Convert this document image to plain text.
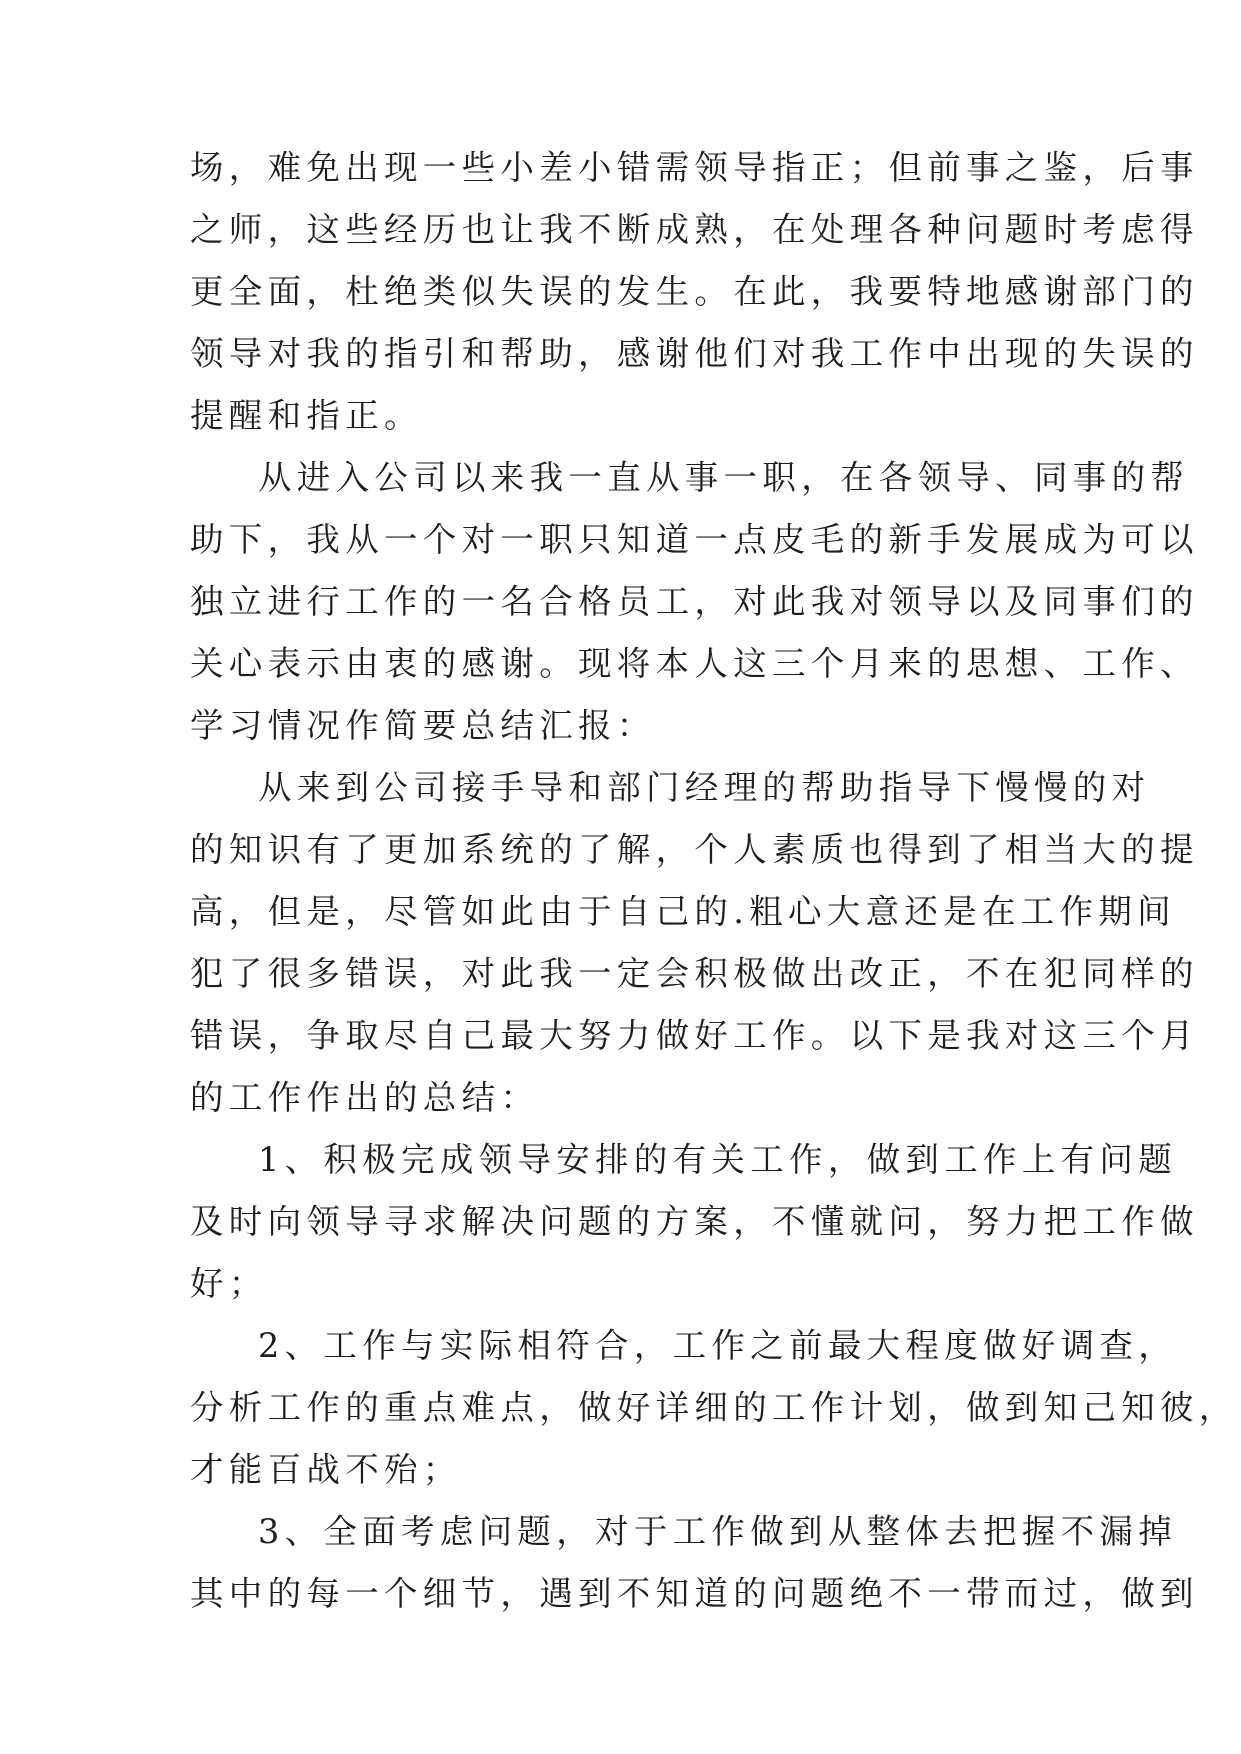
场，难免出现一些小差小错需领导指正；但前事之鉴，后事
之师，这些经历也让我不断成熟，在处理各种问题时考虑得
更全面，杜绝类似失误的发生。在此，我要特地感谢部门的
领导对我的指引和帮助，感谢他们对我工作中出现的失误的
提醒和指正。
从进入公司以来我一直从事一职，在各领导、同事的帮
助下，我从一个对一职只知道一点皮毛的新手发展成为可以
独立进行工作的一名合格员工，对此我对领导以及同事们的
关心表示由衷的感谢。现将本人这三个月来的思想、工作、
学习情况作简要总结汇报：
从来到公司接手导和部门经理的帮助指导下慢慢的对
的知识有了更加系统的了解，个人素质也得到了相当大的提
高，但是，尽管如此由于自己的.粗心大意还是在工作期间
犯了很多错误，对此我一定会积极做出改正，不在犯同样的
错误，争取尽自己最大努力做好工作。以下是我对这三个月
的工作作出的总结：
1、积极完成领导安排的有关工作，做到工作上有问题
及时向领导寻求解决问题的方案，不懂就问，努力把工作做
好；
2、工作与实际相符合，工作之前最大程度做好调查，
分析工作的重点难点，做好详细的工作计划，做到知己知彼，
才能百战不殆；
3、全面考虑问题，对于工作做到从整体去把握不漏掉
其中的每一个细节，遇到不知道的问题绝不一带而过，做到
